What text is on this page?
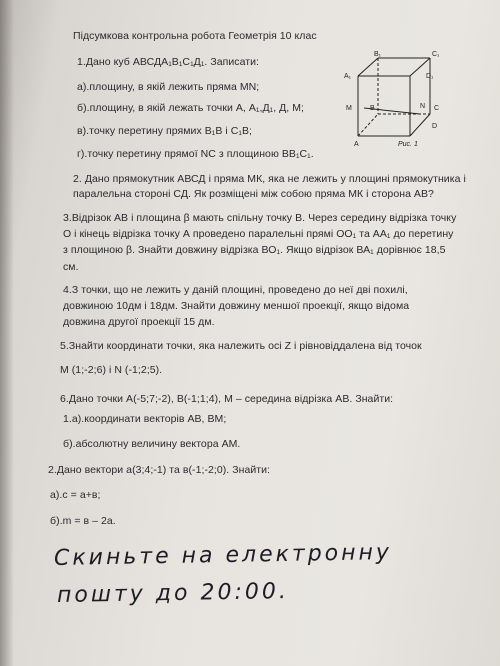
Підсумкова контрольна робота Геометрія 10 клас
1.Дано куб АВСДА₁В₁С₁Д₁. Записати:
а).площину, в якій лежить пряма MN;
б).площину, в якій лежать точки А, А₁,Д₁, Д, М;
в).точку перетину прямих В₁В і С₁В;
г).точку перетину прямої NC з площиною ВВ₁С₁.
B₁	C₁
A₁	D₁
M	B	C
N
A
D
Рис. 1
2. Дано прямокутник АВСД і пряма МК, яка не лежить у площині прямокутника і
паралельна стороні СД. Як розміщені між собою пряма МК і сторона АВ?
3.Відрізок АВ і площина β мають спільну точку В. Через середину відрізка точку
О і кінець відрізка точку А проведено паралельні прямі ОО₁ та АА₁ до перетину
з площиною β. Знайти довжину відрізка ВО₁. Якщо відрізок ВА₁ дорівнює 18,5
см.
4.З точки, що не лежить у даній площині, проведено до неї дві похилі,
довжиною 10дм і 18дм. Знайти довжину меншої проекції, якщо відома
довжина другої проекції 15 дм.
5.Знайти координати точки, яка належить осі Z і рівновіддалена від точок
М (1;-2;6) і N (-1;2;5).
6.Дано точки А(-5;7;-2), В(-1;1;4), М – середина відрізка АВ. Знайти:
1.а).координати векторів АВ, ВМ;
б).абсолютну величину вектора АМ.
2.Дано вектори a(3;4;-1) та в(-1;-2;0). Знайти:
а).с = а+в;
б).m = в – 2а.
Скиньте на електронну
пошту до 20:00.
